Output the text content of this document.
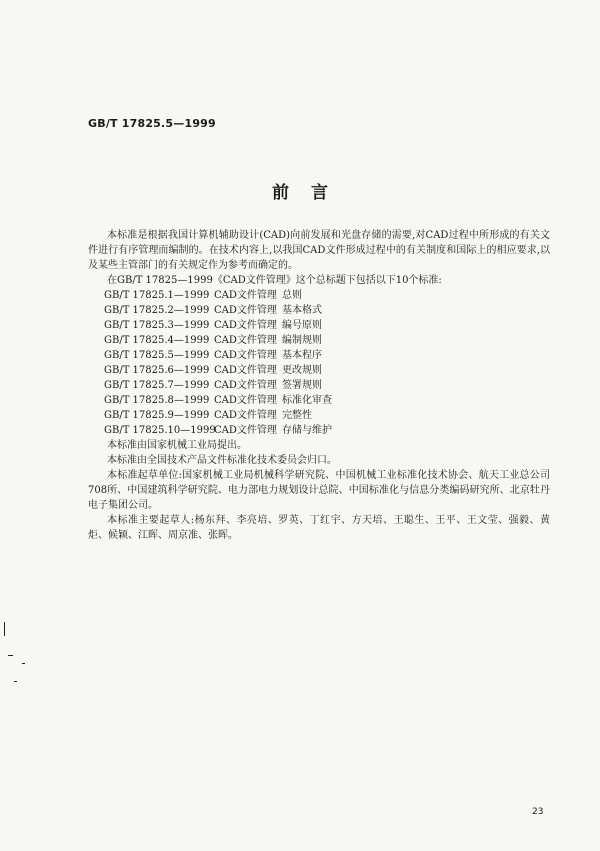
GB/T 17825.5—1999
前言

本标准是根据我国计算机辅助设计(CAD)向前发展和光盘存储的需要,对CAD过程中所形成的有关文件进行有序管理而编制的。在技术内容上,以我国CAD文件形成过程中的有关制度和国际上的相应要求,以及某些主管部门的有关规定作为参考而确定的。

在GB/T 17825—1999《CAD文件管理》这个总标题下包括以下10个标准:

GB/T 17825.1—1999 CAD文件管理 总则
GB/T 17825.2—1999 CAD文件管理 基本格式
GB/T 17825.3—1999 CAD文件管理 编号原则
GB/T 17825.4—1999 CAD文件管理 编制规则
GB/T 17825.5—1999 CAD文件管理 基本程序
GB/T 17825.6—1999 CAD文件管理 更改规则
GB/T 17825.7—1999 CAD文件管理 签署规则
GB/T 17825.8—1999 CAD文件管理 标准化审查
GB/T 17825.9—1999 CAD文件管理 完整性
GB/T 17825.10—1999
CAD文件管理 存储与维护

本标准由国家机械工业局提出。

本标准由全国技术产品文件标准化技术委员会归口。

本标准起草单位:国家机械工业局机械科学研究院、中国机械工业标准化技术协会、航天工业总公司708所、中国建筑科学研究院、电力部电力规划设计总院、中国标准化与信息分类编码研究所、北京牡丹电子集团公司。

本标准主要起草人:杨东拜、李亮培、罗英、丁红宇、方天培、王聪生、王平、王文莹、强毅、黄炬、候颖、江晖、周京准、张晖。

23
